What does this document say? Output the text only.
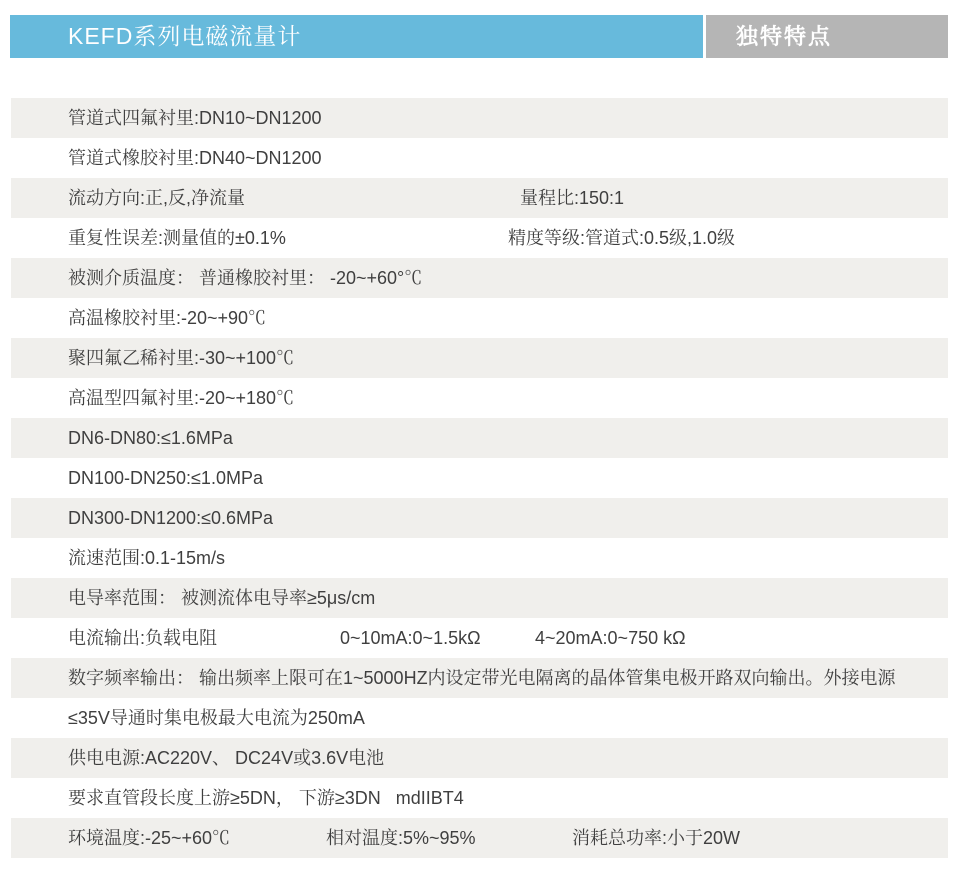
KEFD系列电磁流量计	独特特点
管道式四氟衬里:DN10~DN1200
管道式橡胶衬里:DN40~DN1200
流动方向:正,反,净流量	量程比:150:1
重复性误差:测量值的±0.1%	精度等级:管道式:0.5级,1.0级
被测介质温度： 普通橡胶衬里： -20~+60°℃
高温橡胶衬里:-20~+90℃
聚四氟乙稀衬里:-30~+100℃
高温型四氟衬里:-20~+180℃
DN6-DN80:≤1.6MPa
DN100-DN250:≤1.0MPa
DN300-DN1200:≤0.6MPa
流速范围:0.1-15m/s
电导率范围： 被测流体电导率≥5μs/cm
电流输出:负载电阻	0~10mA:0~1.5kΩ	4~20mA:0~750 kΩ
数字频率输出： 输出频率上限可在1~5000HZ内设定带光电隔离的晶体管集电极开路双向输出。外接电源
≤35V导通时集电极最大电流为250mA
供电电源:AC220V、 DC24V或3.6V电池
要求直管段长度上游≥5DN， 下游≥3DN   mdIIBT4
环境温度:-25~+60℃	相对温度:5%~95%	消耗总功率:小于20W
